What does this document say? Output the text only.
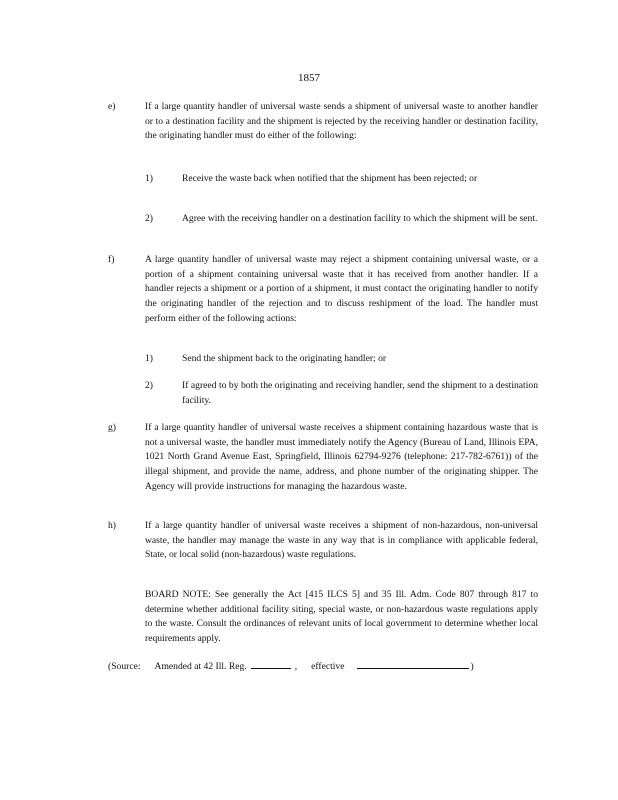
1857
e)	If a large quantity handler of universal waste sends a shipment of universal waste to another handler or to a destination facility and the shipment is rejected by the receiving handler or destination facility, the originating handler must do either of the following:
1)	Receive the waste back when notified that the shipment has been rejected; or
2)	Agree with the receiving handler on a destination facility to which the shipment will be sent.
f)	A large quantity handler of universal waste may reject a shipment containing universal waste, or a portion of a shipment containing universal waste that it has received from another handler. If a handler rejects a shipment or a portion of a shipment, it must contact the originating handler to notify the originating handler of the rejection and to discuss reshipment of the load. The handler must perform either of the following actions:
1)	Send the shipment back to the originating handler; or
2)	If agreed to by both the originating and receiving handler, send the shipment to a destination facility.
g)	If a large quantity handler of universal waste receives a shipment containing hazardous waste that is not a universal waste, the handler must immediately notify the Agency (Bureau of Land, Illinois EPA, 1021 North Grand Avenue East, Springfield, Illinois 62794-9276 (telephone: 217-782-6761)) of the illegal shipment, and provide the name, address, and phone number of the originating shipper. The Agency will provide instructions for managing the hazardous waste.
h)	If a large quantity handler of universal waste receives a shipment of non-hazardous, non-universal waste, the handler may manage the waste in any way that is in compliance with applicable federal, State, or local solid (non-hazardous) waste regulations.
BOARD NOTE: See generally the Act [415 ILCS 5] and 35 Ill. Adm. Code 807 through 817 to determine whether additional facility siting, special waste, or non-hazardous waste regulations apply to the waste. Consult the ordinances of relevant units of local government to determine whether local requirements apply.
(Source: Amended at 42 Ill. Reg.	, effective	)
